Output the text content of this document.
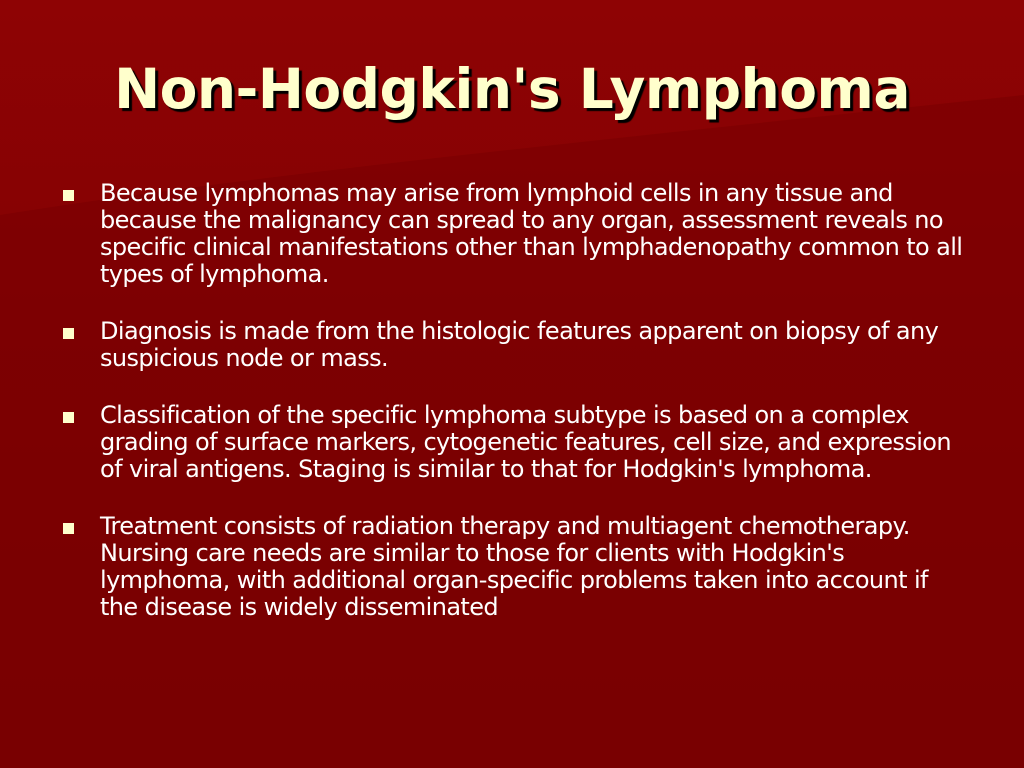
Non-Hodgkin's Lymphoma
Because lymphomas may arise from lymphoid cells in any tissue and because the malignancy can spread to any organ, assessment reveals no specific clinical manifestations other than lymphadenopathy common to all types of lymphoma.
Diagnosis is made from the histologic features apparent on biopsy of any suspicious node or mass.
Classification of the specific lymphoma subtype is based on a complex grading of surface markers, cytogenetic features, cell size, and expression of viral antigens. Staging is similar to that for Hodgkin's lymphoma.
Treatment consists of radiation therapy and multiagent chemotherapy. Nursing care needs are similar to those for clients with Hodgkin's lymphoma, with additional organ-specific problems taken into account if the disease is widely disseminated
